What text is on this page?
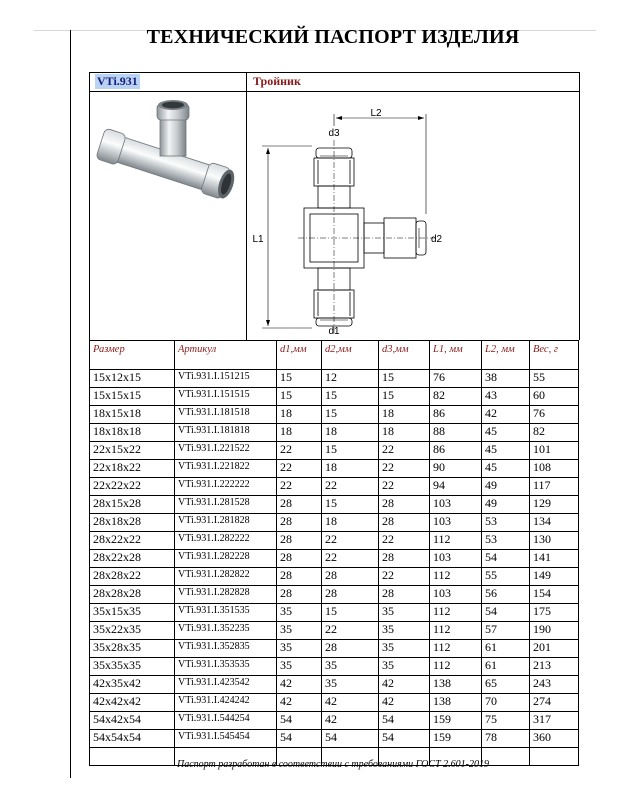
ТЕХНИЧЕСКИЙ ПАСПОРТ ИЗДЕЛИЯ
VTi.931	Тройник
L2
L1
d3
d2
d1
Размер	Артикул	d1,мм	d2,мм	d3,мм	L1, мм	L2, мм	Вес, г
15x12x15	VTi.931.I.151215	15	12	15	76	38	55
15x15x15	VTi.931.I.151515	15	15	15	82	43	60
18x15x18	VTi.931.I.181518	18	15	18	86	42	76
18x18x18	VTi.931.I.181818	18	18	18	88	45	82
22x15x22	VTi.931.I.221522	22	15	22	86	45	101
22x18x22	VTi.931.I.221822	22	18	22	90	45	108
22x22x22	VTi.931.I.222222	22	22	22	94	49	117
28x15x28	VTi.931.I.281528	28	15	28	103	49	129
28x18x28	VTi.931.I.281828	28	18	28	103	53	134
28x22x22	VTi.931.I.282222	28	22	22	112	53	130
28x22x28	VTi.931.I.282228	28	22	28	103	54	141
28x28x22	VTi.931.I.282822	28	28	22	112	55	149
28x28x28	VTi.931.I.282828	28	28	28	103	56	154
35x15x35	VTi.931.I.351535	35	15	35	112	54	175
35x22x35	VTi.931.I.352235	35	22	35	112	57	190
35x28x35	VTi.931.I.352835	35	28	35	112	61	201
35x35x35	VTi.931.I.353535	35	35	35	112	61	213
42x35x42	VTi.931.I.423542	42	35	42	138	65	243
42x42x42	VTi.931.I.424242	42	42	42	138	70	274
54x42x54	VTi.931.I.544254	54	42	54	159	75	317
54x54x54	VTi.931.I.545454	54	54	54	159	78	360

Паспорт разработан в соответствии с требованиями ГОСТ 2.601-2019
